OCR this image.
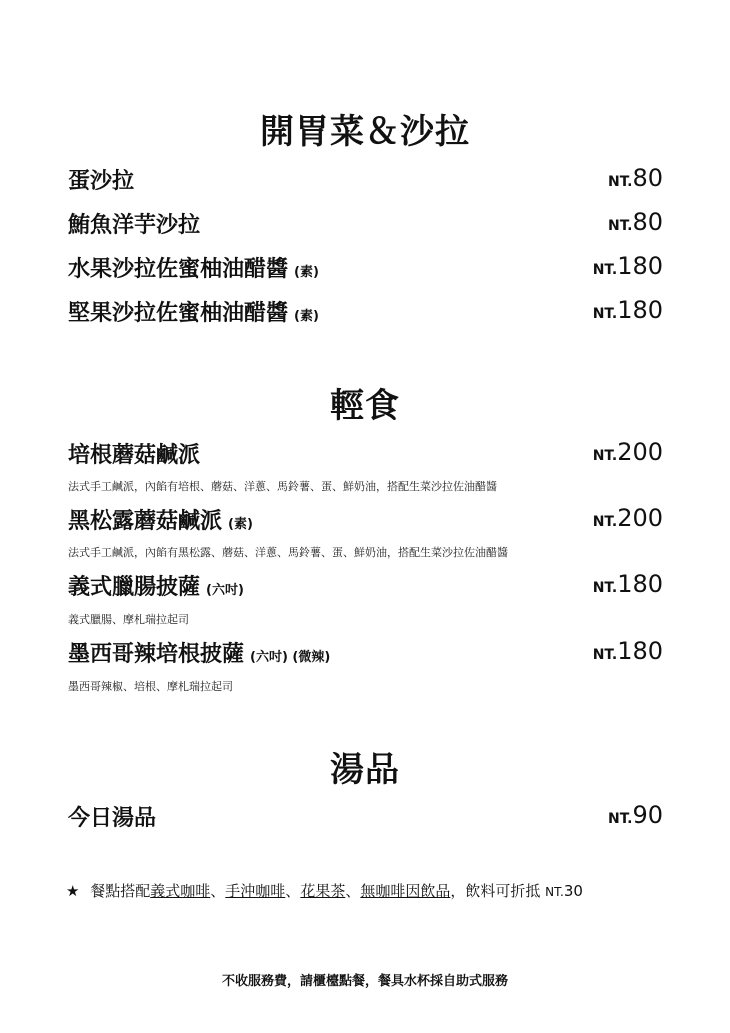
開胃菜＆沙拉
蛋沙拉	NT.80
鮪魚洋芋沙拉	NT.80
水果沙拉佐蜜柚油醋醬 (素)	NT.180
堅果沙拉佐蜜柚油醋醬 (素)	NT.180
輕食
培根蘑菇鹹派	NT.200
法式手工鹹派，內餡有培根、蘑菇、洋蔥、馬鈴薯、蛋、鮮奶油，搭配生菜沙拉佐油醋醬
黑松露蘑菇鹹派 (素)	NT.200
法式手工鹹派，內餡有黑松露、蘑菇、洋蔥、馬鈴薯、蛋、鮮奶油，搭配生菜沙拉佐油醋醬
義式臘腸披薩 (六吋)	NT.180
義式臘腸、摩札瑞拉起司
墨西哥辣培根披薩 (六吋) (微辣)	NT.180
墨西哥辣椒、培根、摩札瑞拉起司
湯品
今日湯品	NT.90
★ 餐點搭配義式咖啡、手沖咖啡、花果茶、無咖啡因飲品，飲料可折抵 NT.30
不收服務費，請櫃檯點餐，餐具水杯採自助式服務
